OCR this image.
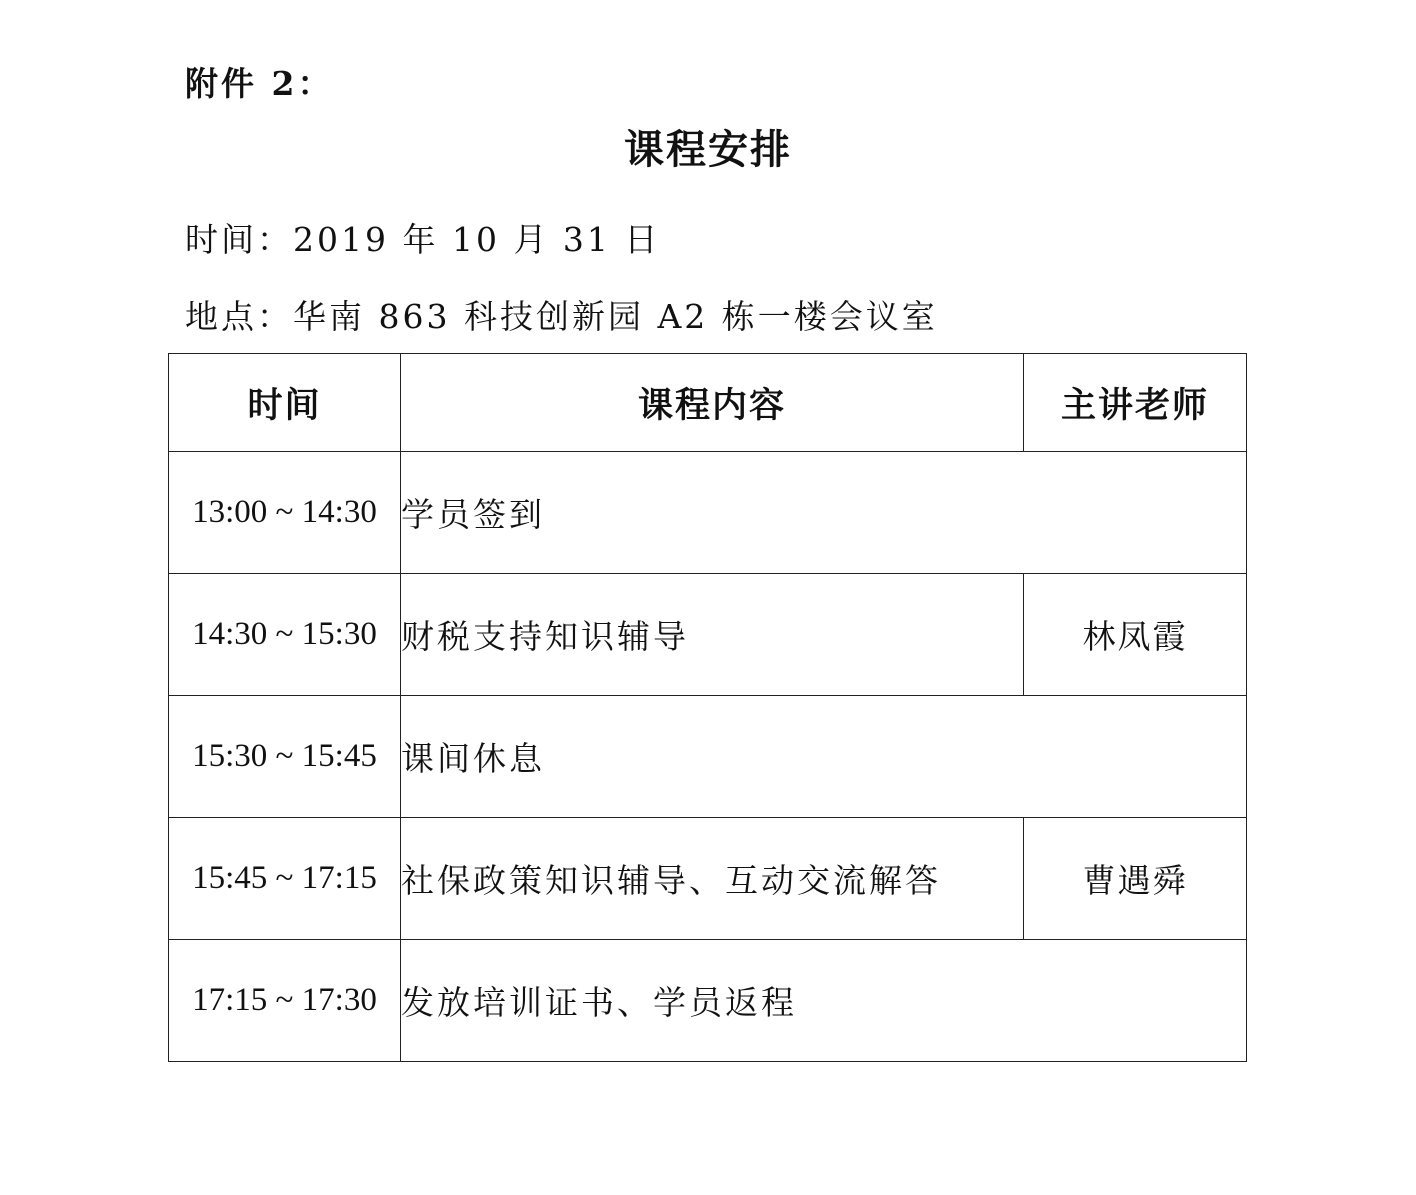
附件 2：

课程安排

时间：2019 年 10 月 31 日

地点：华南 863 科技创新园 A2 栋一楼会议室

时间	课程内容	主讲老师
13:00 ~ 14:30	学员签到	
14:30 ~ 15:30	财税支持知识辅导	林凤霞
15:30 ~ 15:45	课间休息	
15:45 ~ 17:15	社保政策知识辅导、互动交流解答	曹遇舜
17:15 ~ 17:30	发放培训证书、学员返程	
